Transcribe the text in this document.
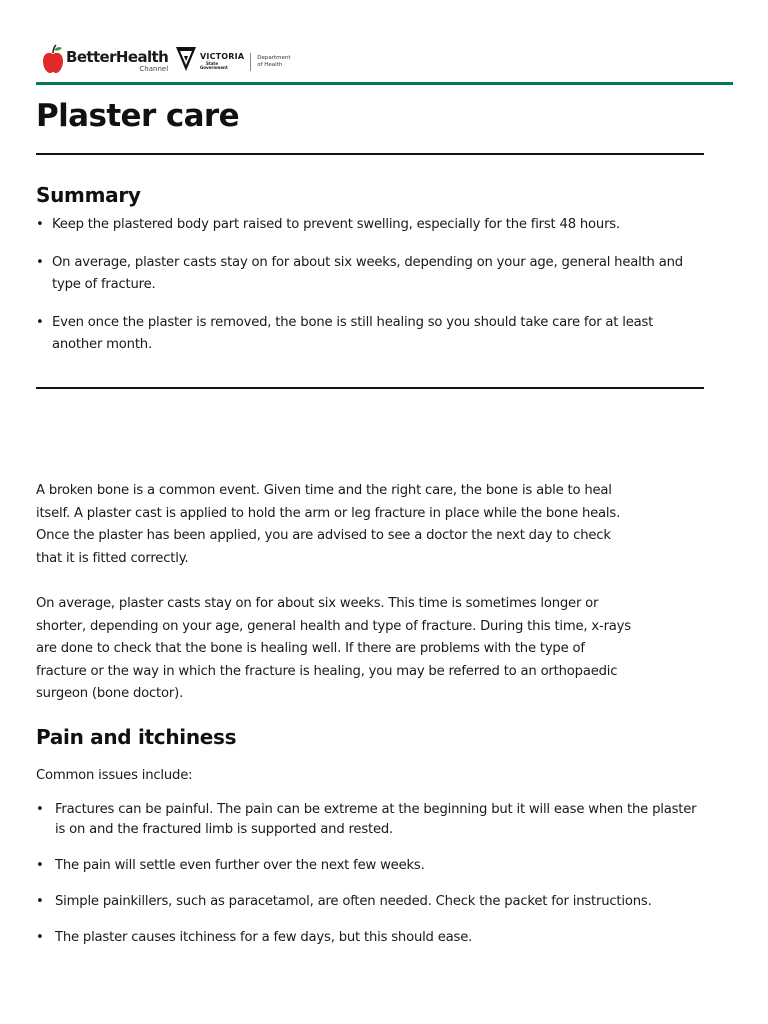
BetterHealth
Channel
VICTORIA
State Government
Department of Health
Plaster care
Summary
• Keep the plastered body part raised to prevent swelling, especially for the first 48 hours.
• On average, plaster casts stay on for about six weeks, depending on your age, general health and type of fracture.
• Even once the plaster is removed, the bone is still healing so you should take care for at least another month.

A broken bone is a common event. Given time and the right care, the bone is able to heal itself. A plaster cast is applied to hold the arm or leg fracture in place while the bone heals. Once the plaster has been applied, you are advised to see a doctor the next day to check that it is fitted correctly.

On average, plaster casts stay on for about six weeks. This time is sometimes longer or shorter, depending on your age, general health and type of fracture. During this time, x-rays are done to check that the bone is healing well. If there are problems with the type of fracture or the way in which the fracture is healing, you may be referred to an orthopaedic surgeon (bone doctor).

Pain and itchiness

Common issues include:

• Fractures can be painful. The pain can be extreme at the beginning but it will ease when the plaster is on and the fractured limb is supported and rested.
• The pain will settle even further over the next few weeks.
• Simple painkillers, such as paracetamol, are often needed. Check the packet for instructions.
• The plaster causes itchiness for a few days, but this should ease.
